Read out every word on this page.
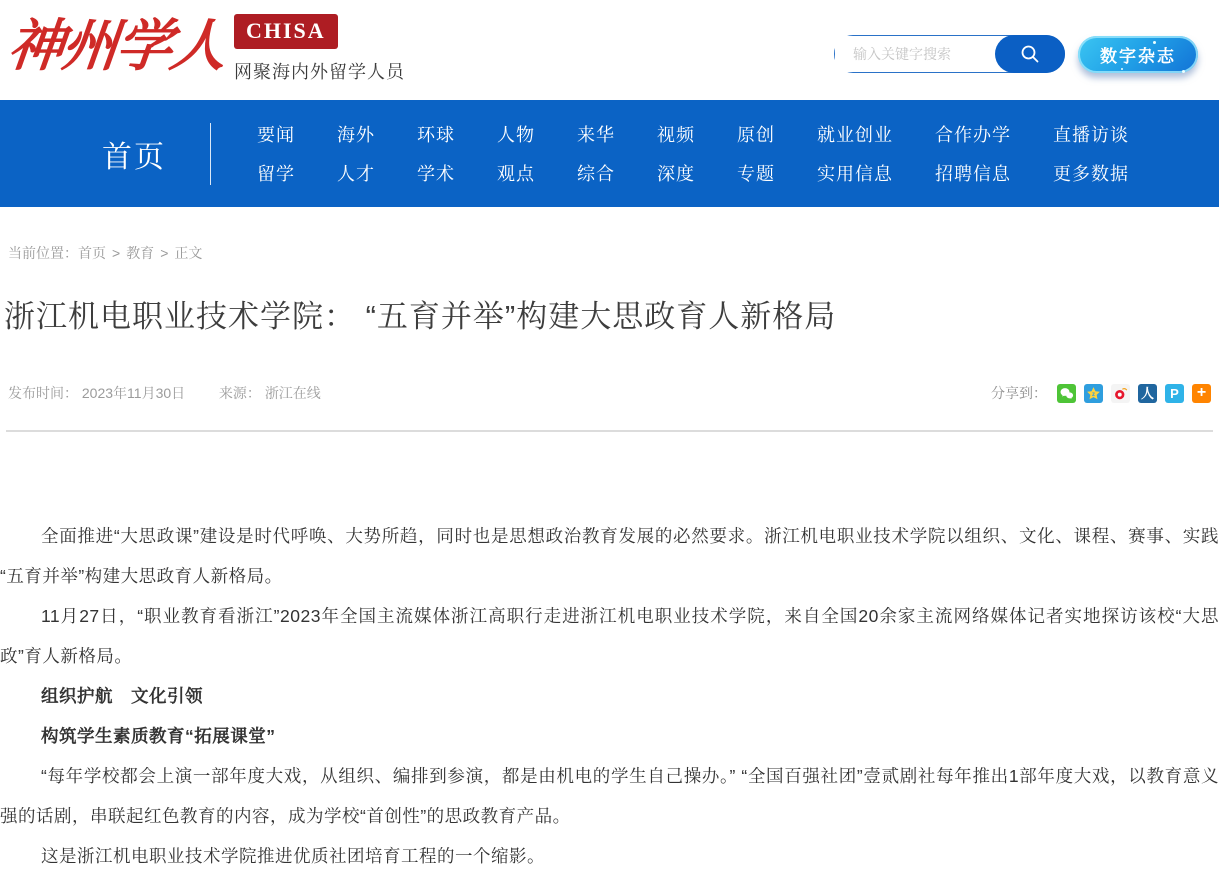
神州学人 CHISA
网聚海内外留学人员
输入关键字搜索
数字杂志
首页
要闻
留学
海外
人才
环球
学术
人物
观点
来华
综合
视频
深度
原创
专题
就业创业
实用信息
合作办学
招聘信息
直播访谈
更多数据
当前位置：首页 > 教育 > 正文
浙江机电职业技术学院： “五育并举”构建大思政育人新格局
发布时间： 2023年11月30日 来源： 浙江在线	分享到：	z	人	P	+

全面推进“大思政课”建设是时代呼唤、大势所趋，同时也是思想政治教育发展的必然要求。浙江机电职业技术学院以组织、文化、课程、赛事、实践 “五育并举”构建大思政育人新格局。

11月27日，“职业教育看浙江”2023年全国主流媒体浙江高职行走进浙江机电职业技术学院，来自全国20余家主流网络媒体记者实地探访该校“大思政”育人新格局。

组织护航　文化引领

构筑学生素质教育“拓展课堂”

“每年学校都会上演一部年度大戏，从组织、编排到参演，都是由机电的学生自己操办。” “全国百强社团”壹贰剧社每年推出1部年度大戏，以教育意义强的话剧，串联起红色教育的内容，成为学校“首创性”的思政教育产品。

这是浙江机电职业技术学院推进优质社团培育工程的一个缩影。
